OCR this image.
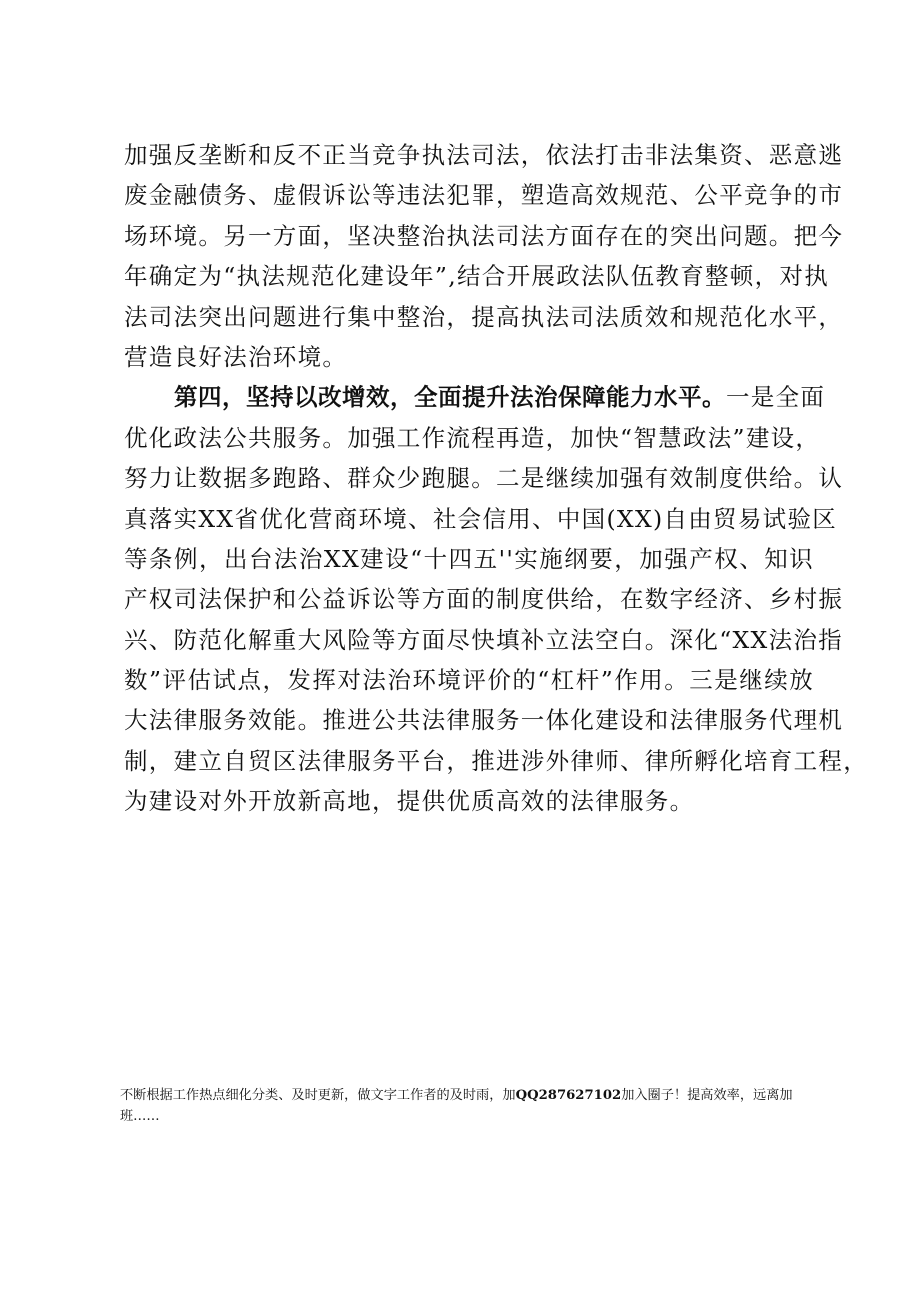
加强反垄断和反不正当竞争执法司法，依法打击非法集资、恶意逃
废金融债务、虚假诉讼等违法犯罪，塑造高效规范、公平竞争的市
场环境。另一方面，坚决整治执法司法方面存在的突出问题。把今
年确定为“执法规范化建设年”,结合开展政法队伍教育整顿，对执
法司法突出问题进行集中整治，提高执法司法质效和规范化水平，
营造良好法治环境。
第四，坚持以改增效，全面提升法治保障能力水平。一是全面
优化政法公共服务。加强工作流程再造，加快“智慧政法”建设，
努力让数据多跑路、群众少跑腿。二是继续加强有效制度供给。认
真落实XX省优化营商环境、社会信用、中国(XX)自由贸易试验区
等条例，出台法治XX建设“十四五''实施纲要，加强产权、知识
产权司法保护和公益诉讼等方面的制度供给，在数字经济、乡村振
兴、防范化解重大风险等方面尽快填补立法空白。深化“XX法治指
数”评估试点，发挥对法治环境评价的“杠杆”作用。三是继续放
大法律服务效能。推进公共法律服务一体化建设和法律服务代理机
制，建立自贸区法律服务平台，推进涉外律师、律所孵化培育工程，
为建设对外开放新高地，提供优质高效的法律服务。
不断根据工作热点细化分类、及时更新，做文字工作者的及时雨，加QQ287627102加入圈子！提高效率，远离加班……
